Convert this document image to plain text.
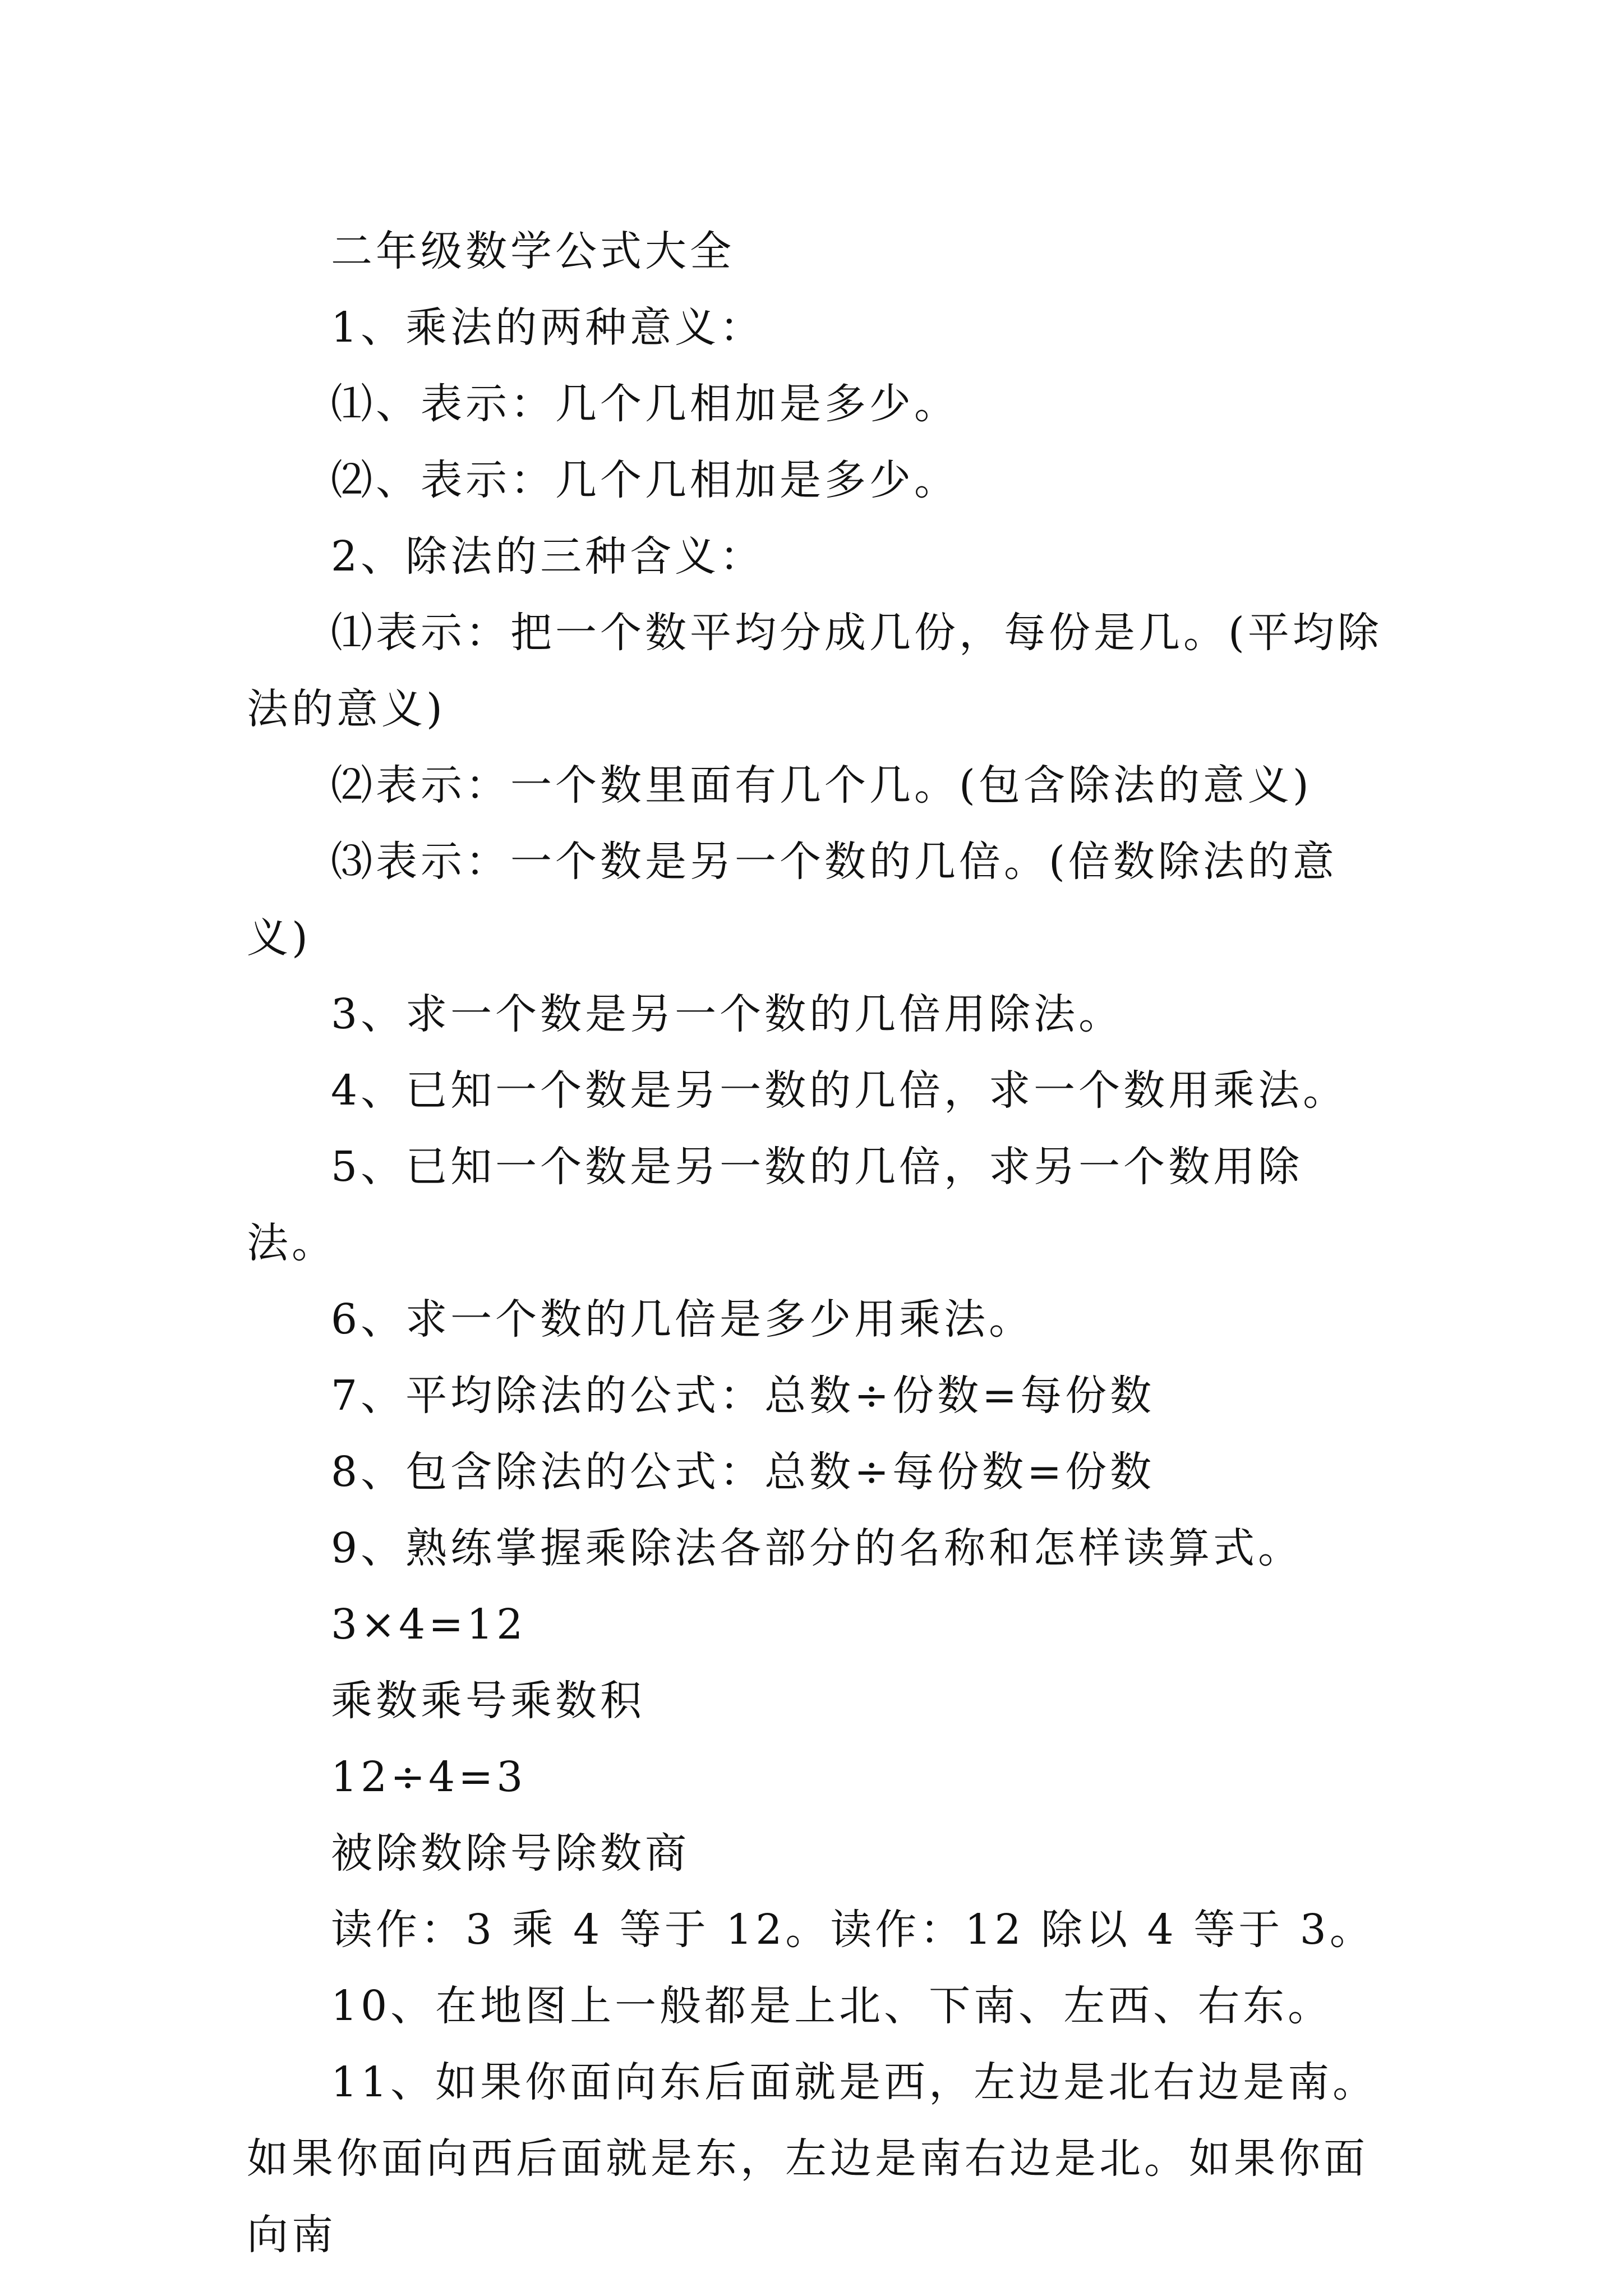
二年级数学公式大全

1、乘法的两种意义：

⑴、表示：几个几相加是多少。

⑵、表示：几个几相加是多少。

2、除法的三种含义：

⑴表示：把一个数平均分成几份，每份是几。(平均除法的意义)

⑵表示：一个数里面有几个几。(包含除法的意义)

⑶表示：一个数是另一个数的几倍。(倍数除法的意义)

3、求一个数是另一个数的几倍用除法。

4、已知一个数是另一数的几倍，求一个数用乘法。

5、已知一个数是另一数的几倍，求另一个数用除法。

6、求一个数的几倍是多少用乘法。

7、平均除法的公式：总数÷份数=每份数

8、包含除法的公式：总数÷每份数=份数

9、熟练掌握乘除法各部分的名称和怎样读算式。

3×4=12

乘数乘号乘数积

12÷4=3

被除数除号除数商

读作：3 乘 4 等于 12。读作：12 除以 4 等于 3。

10、在地图上一般都是上北、下南、左西、右东。

11、如果你面向东后面就是西，左边是北右边是南。如果你面向西后面就是东，左边是南右边是北。如果你面向南
